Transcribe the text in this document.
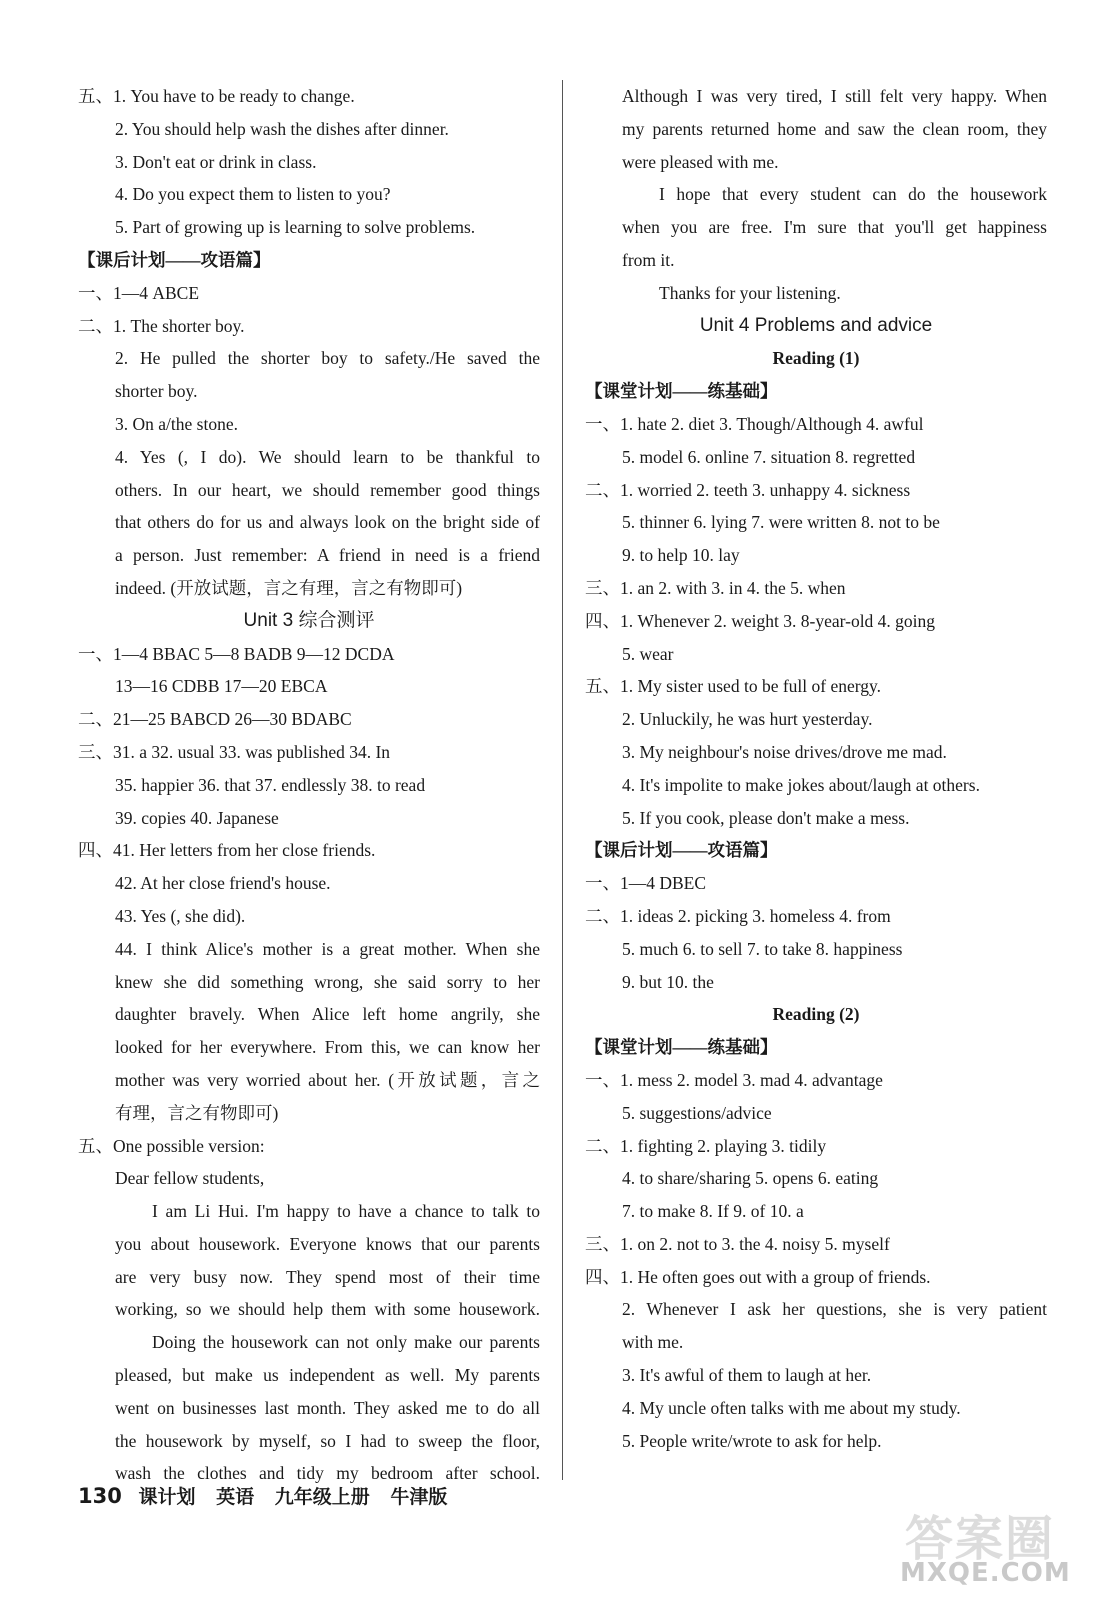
五、1. You have to be ready to change.
2. You should help wash the dishes after dinner.
3. Don't eat or drink in class.
4. Do you expect them to listen to you?
5. Part of growing up is learning to solve problems.
【课后计划——攻语篇】
一、1—4 ABCE
二、1. The shorter boy.
2. He pulled the shorter boy to safety./He saved the
shorter boy.
3. On a/the stone.
4. Yes (, I do). We should learn to be thankful to
others. In our heart, we should remember good things
that others do for us and always look on the bright side of
a person. Just remember: A friend in need is a friend
indeed. (开放试题，言之有理，言之有物即可)
Unit 3 综合测评
一、1—4 BBAC 5—8 BADB 9—12 DCDA
13—16 CDBB 17—20 EBCA
二、21—25 BABCD 26—30 BDABC
三、31. a 32. usual 33. was published 34. In
35. happier 36. that 37. endlessly 38. to read
39. copies 40. Japanese
四、41. Her letters from her close friends.
42. At her close friend's house.
43. Yes (, she did).
44. I think Alice's mother is a great mother. When she
knew she did something wrong, she said sorry to her
daughter bravely. When Alice left home angrily, she
looked for her everywhere. From this, we can know her
mother was very worried about her. (开放试题，言之
有理，言之有物即可)
五、One possible version:
Dear fellow students,
I am Li Hui. I'm happy to have a chance to talk to
you about housework. Everyone knows that our parents
are very busy now. They spend most of their time
working, so we should help them with some housework.
Doing the housework can not only make our parents
pleased, but make us independent as well. My parents
went on businesses last month. They asked me to do all
the housework by myself, so I had to sweep the floor,
wash the clothes and tidy my bedroom after school.
Although I was very tired, I still felt very happy. When
my parents returned home and saw the clean room, they
were pleased with me.
I hope that every student can do the housework
when you are free. I'm sure that you'll get happiness
from it.
Thanks for your listening.
Unit 4 Problems and advice
Reading (1)
【课堂计划——练基础】
一、1. hate 2. diet 3. Though/Although 4. awful
5. model 6. online 7. situation 8. regretted
二、1. worried 2. teeth 3. unhappy 4. sickness
5. thinner 6. lying 7. were written 8. not to be
9. to help 10. lay
三、1. an 2. with 3. in 4. the 5. when
四、1. Whenever 2. weight 3. 8-year-old 4. going
5. wear
五、1. My sister used to be full of energy.
2. Unluckily, he was hurt yesterday.
3. My neighbour's noise drives/drove me mad.
4. It's impolite to make jokes about/laugh at others.
5. If you cook, please don't make a mess.
【课后计划——攻语篇】
一、1—4 DBEC
二、1. ideas 2. picking 3. homeless 4. from
5. much 6. to sell 7. to take 8. happiness
9. but 10. the
Reading (2)
【课堂计划——练基础】
一、1. mess 2. model 3. mad 4. advantage
5. suggestions/advice
二、1. fighting 2. playing 3. tidily
4. to share/sharing 5. opens 6. eating
7. to make 8. If 9. of 10. a
三、1. on 2. not to 3. the 4. noisy 5. myself
四、1. He often goes out with a group of friends.
2. Whenever I ask her questions, she is very patient
with me.
3. It's awful of them to laugh at her.
4. My uncle often talks with me about my study.
5. People write/wrote to ask for help.
130 课计划 英语 九年级上册 牛津版
答案圈
MXQE.COM
